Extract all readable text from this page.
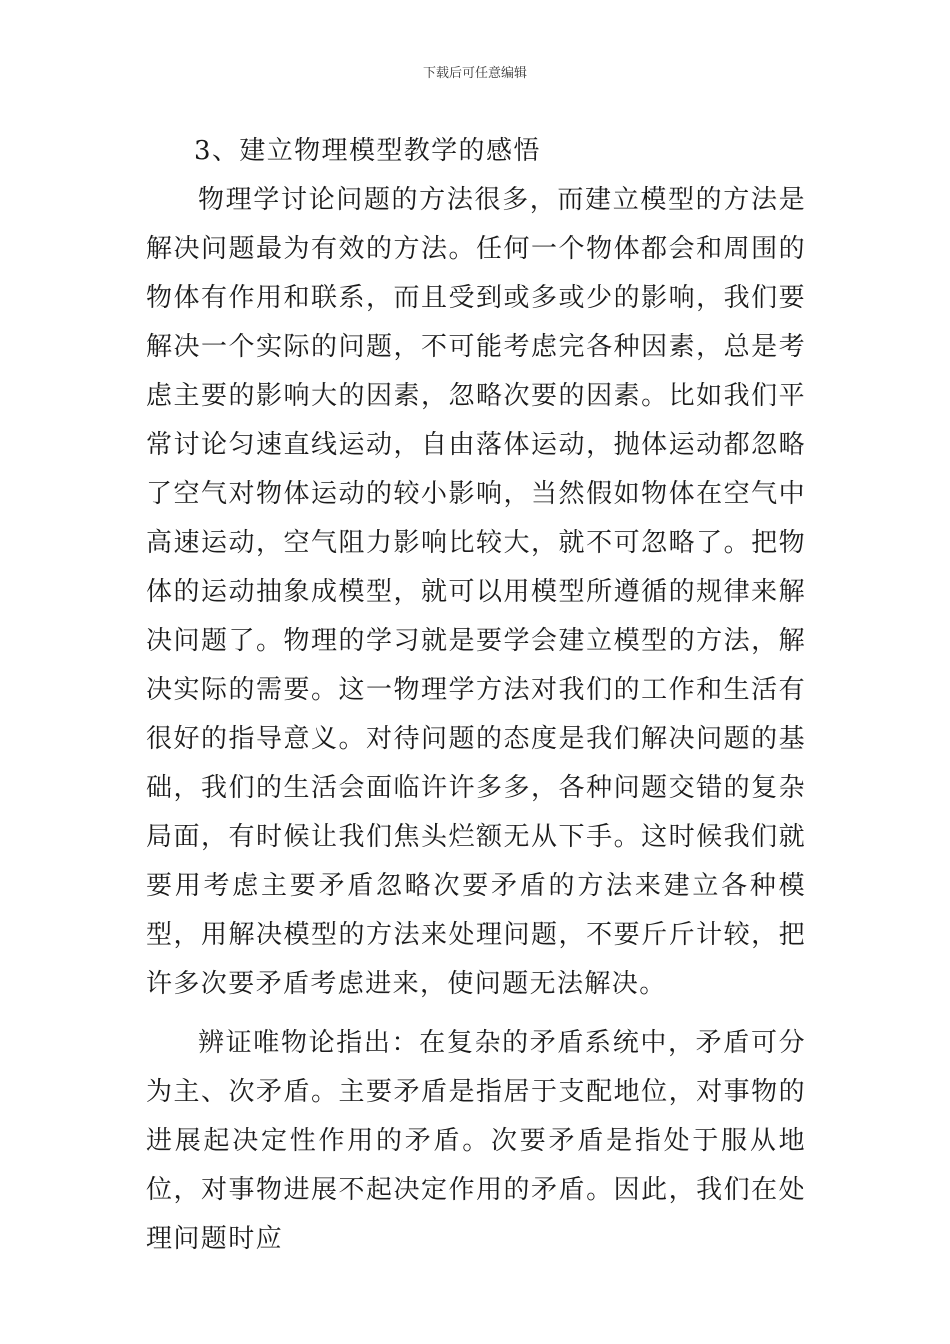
下载后可任意编辑
3、建立物理模型教学的感悟

物理学讨论问题的方法很多，而建立模型的方法是解决问题最为有效的方法。任何一个物体都会和周围的物体有作用和联系，而且受到或多或少的影响，我们要解决一个实际的问题，不可能考虑完各种因素，总是考虑主要的影响大的因素，忽略次要的因素。比如我们平常讨论匀速直线运动，自由落体运动，抛体运动都忽略了空气对物体运动的较小影响，当然假如物体在空气中高速运动，空气阻力影响比较大，就不可忽略了。把物体的运动抽象成模型，就可以用模型所遵循的规律来解决问题了。物理的学习就是要学会建立模型的方法，解决实际的需要。这一物理学方法对我们的工作和生活有很好的指导意义。对待问题的态度是我们解决问题的基础，我们的生活会面临许许多多，各种问题交错的复杂局面，有时候让我们焦头烂额无从下手。这时候我们就要用考虑主要矛盾忽略次要矛盾的方法来建立各种模型，用解决模型的方法来处理问题，不要斤斤计较，把许多次要矛盾考虑进来，使问题无法解决。

辨证唯物论指出：在复杂的矛盾系统中，矛盾可分为主、次矛盾。主要矛盾是指居于支配地位，对事物的进展起决定性作用的矛盾。次要矛盾是指处于服从地位，对事物进展不起决定作用的矛盾。因此，我们在处理问题时应
